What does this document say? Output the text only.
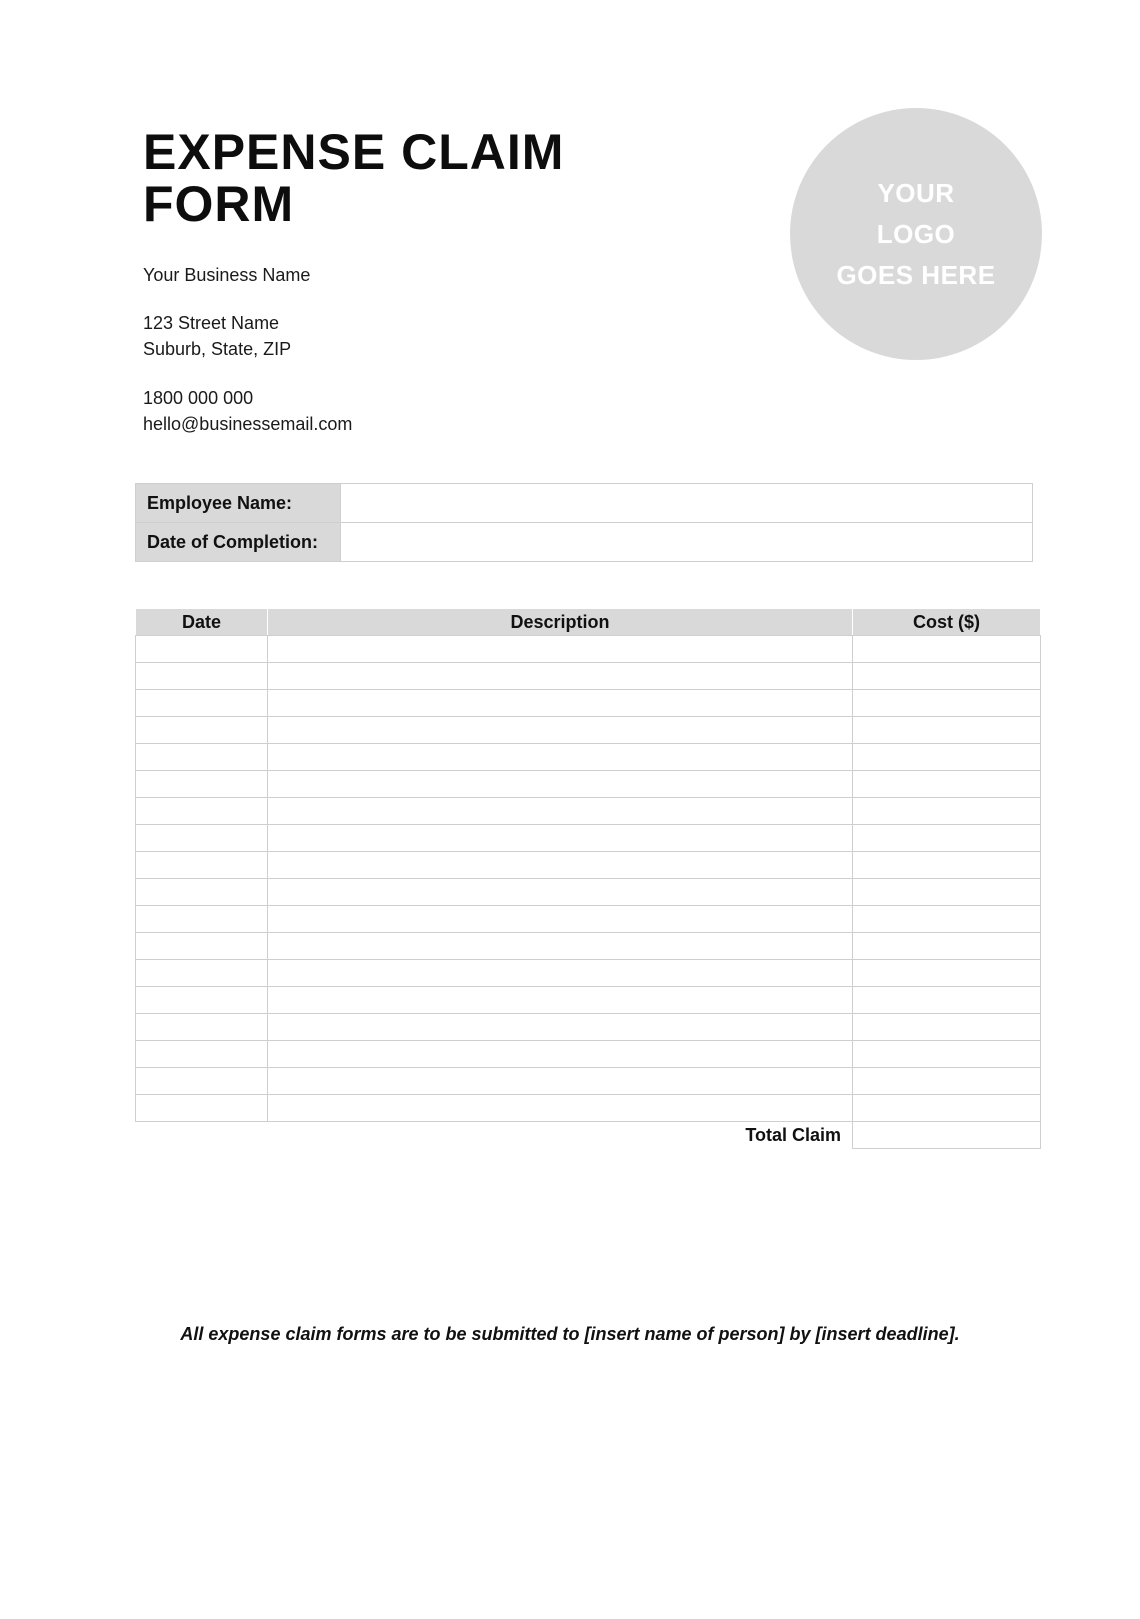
EXPENSE CLAIM
FORM
Your Business Name
123 Street Name
Suburb, State, ZIP
1800 000 000
hello@businessemail.com
YOUR
LOGO
GOES HERE
Employee Name:	
Date of Completion:	
Date	Description	Cost ($)

	Total Claim	
All expense claim forms are to be submitted to [insert name of person] by [insert deadline].
